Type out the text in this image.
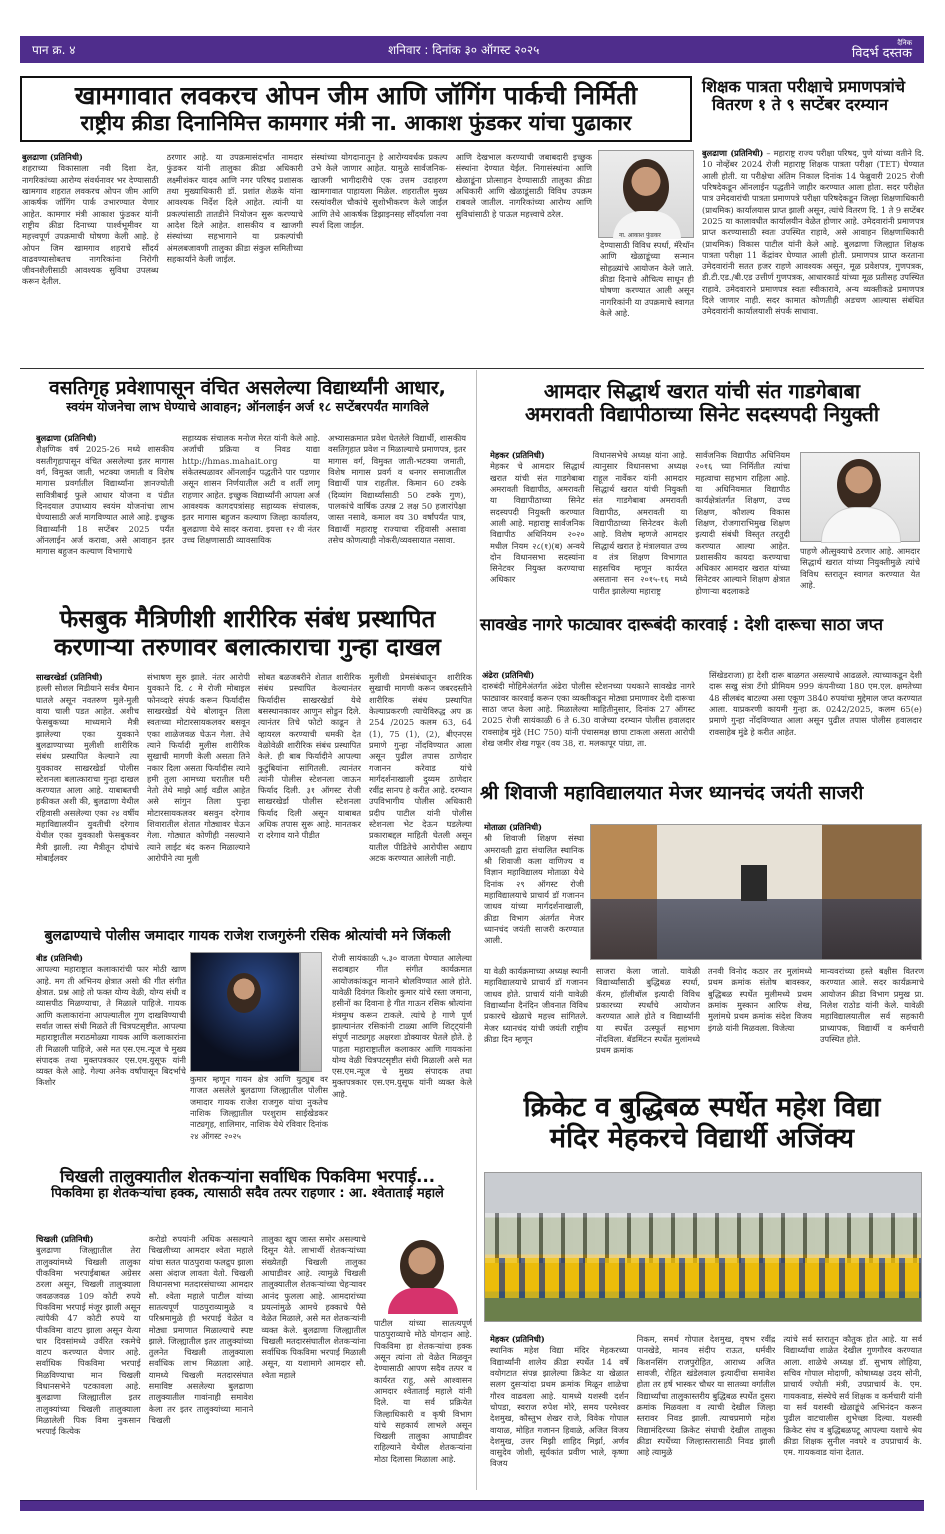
पान क्र. ४	शनिवार : दिनांक ३० ऑगस्ट २०२५
दैनिक
विदर्भ दस्तक
खामगावात लवकरच ओपन जीम आणि जॉगिंग पार्कची निर्मिती
राष्ट्रीय क्रीडा दिनानिमित्त कामगार मंत्री ना. आकाश फुंडकर यांचा पुढाकार
बुलढाणा (प्रतिनिधी)
शहराच्या विकासाला नवी दिशा देत, नागरिकांच्या आरोग्य संवर्धनावर भर देण्यासाठी खामगाव शहरात लवकरच ओपन जीम आणि आकर्षक जॉगिंग पार्क उभारण्यात येणार आहेत. कामगार मंत्री आकाश फुंडकर यांनी राष्ट्रीय क्रीडा दिनाच्या पार्श्वभूमीवर या महत्त्वपूर्ण उपक्रमाची घोषणा केली आहे. हे ओपन जिम खामगाव शहराचे सौंदर्य वाढवण्यासोबतच नागरिकांना निरोगी जीवनशैलीसाठी आवश्यक सुविधा उपलब्ध करून देतील.
ठरणार आहे. या उपक्रमासंदर्भात नामदार फुंडकर यांनी तालुका क्रीडा अधिकारी लक्ष्मीशंकर यादव आणि नगर परिषद प्रशासक तथा मुख्याधिकारी डॉ. प्रशांत शेळके यांना आवश्यक निर्देश दिले आहेत. त्यांनी या प्रकल्पांसाठी तातडीने नियोजन सुरू करण्याचे आदेश दिले आहेत. शासकीय व खाजगी संस्थांच्या सहभागाने या प्रकल्पांची अंमलबजावणी तालुका क्रीडा संकुल समितीच्या सहकार्याने केली जाईल.
संस्थांच्या योगदानातून हे आरोग्यवर्धक प्रकल्प उभे केले जाणार आहेत. यामुळे सार्वजनिक-खाजगी भागीदारीचे एक उत्तम उदाहरण खामगावात पाहायला मिळेल. शहरातील मुख्य रस्त्यांवरील चौकांचे सुशोभीकरण केले जाईल आणि तेथे आकर्षक डिझाइनसह सौंदर्याला नवा स्पर्श दिला जाईल.
आणि देखभाल करण्याची जबाबदारी इच्छुक संस्थांना देण्यात येईल. निगासंस्थांना आणि खेळाडूंना प्रोत्साहन देण्यासाठी तालुका क्रीडा अधिकारी आणि खेळाडूंसाठी विविध उपक्रम राबवले जातील. नागरिकांच्या आरोग्य आणि सुविधांसाठी हे पाऊल महत्त्वाचे ठरेल.
देण्यासाठी विविध स्पर्धा, मॅरेथॉन आणि खेळाडूंच्या सन्मान सोहळ्यांचे आयोजन केले जाते. क्रीडा दिनाचे औचित्य साधून ही घोषणा करण्यात आली असून नागरिकांनी या उपक्रमाचे स्वागत केले आहे.
ना. आकाश फुंडकर
शिक्षक पात्रता परीक्षाचे प्रमाणपत्रांचे
वितरण १ ते ९ सप्टेंबर दरम्यान
बुलढाणा (प्रतिनिधी) – महाराष्ट्र राज्य परीक्षा परिषद, पुणे यांच्या वतीने दि. 10 नोव्हेंबर 2024 रोजी महाराष्ट्र शिक्षक पात्रता परीक्षा (TET) घेण्यात आली होती. या परीक्षेचा अंतिम निकाल दिनांक 14 फेब्रुवारी 2025 रोजी परिषदेकडून ऑनलाईन पद्धतीने जाहीर करण्यात आला होता. सदर परीक्षेत पात्र उमेदवारांची पात्रता प्रमाणपत्रे परीक्षा परिषदेकडून जिल्हा शिक्षणाधिकारी (प्राथमिक) कार्यालयास प्राप्त झाली असून, त्यांचे वितरण दि. 1 ते 9 सप्टेंबर 2025 या कालावधीत कार्यालयीन वेळेत होणार आहे. उमेदवारांनी प्रमाणपत्र प्राप्त करण्यासाठी स्वतः उपस्थित राहावे, असे आवाहन शिक्षणाधिकारी (प्राथमिक) विकास पाटील यांनी केले आहे. बुलढाणा जिल्ह्यात शिक्षक पात्रता परीक्षा 11 केंद्रांवर घेण्यात आली होती. प्रमाणपत्र प्राप्त करताना उमेदवारांनी सतत हजर राहणे आवश्यक असून, मूळ प्रवेशपत्र, गुणपत्रक, डी.टी.एड./बी.एड उत्तीर्ण गुणपत्रक, आधारकार्ड यांच्या मूळ प्रतीसह उपस्थित राहावे. उमेदवाराने प्रमाणपत्र स्वतः स्वीकारावे, अन्य व्यक्तीकडे प्रमाणपत्र दिले जाणार नाही. सदर कामात कोणतीही अडचण आल्यास संबंधित उमेदवारांनी कार्यालयाशी संपर्क साधावा.
वसतिगृह प्रवेशापासून वंचित असलेल्या विद्यार्थ्यांनी आधार,
स्वयंम योजनेचा लाभ घेण्याचे आवाहन; ऑनलाईन अर्ज १८ सप्टेंबरपर्यंत मागविले
बुलढाणा (प्रतिनिधी)
शैक्षणिक वर्ष 2025-26 मध्ये शासकीय वसतीगृहापासून वंचित असलेल्या इतर मागास वर्ग, विमुक्त जाती, भटक्या जमाती व विशेष मागास प्रवर्गातील विद्यार्थ्यांना ज्ञानज्योती सावित्रीबाई फुले आधार योजना व पंडीत दिनदयाल उपाध्याय स्वयंम योजनांचा लाभ घेण्यासाठी अर्ज मागविण्यात आले आहे. इच्छुक विद्यार्थ्यांनी 18 सप्टेंबर 2025 पर्यंत ऑनलाईन अर्ज करावा, असे आवाहन इतर मागास बहुजन कल्याण विभागाचे
सहाय्यक संचालक मनोज मेरत यांनी केले आहे. अर्जाची प्रक्रिया व निवड याद्या http://hmas.mahait.org या संकेतस्थळावर ऑनलाईन पद्धतीने पार पडणार असून शासन निर्णयातील अटी व शर्ती लागू राहणार आहेत. इच्छुक विद्यार्थ्यांनी आपला अर्ज आवश्यक कागदपत्रांसह सहाय्यक संचालक, इतर मागास बहुजन कल्याण जिल्हा कार्यालय, बुलढाणा येथे सादर करावा. इयत्ता १२ वी नंतर उच्च शिक्षणासाठी व्यावसायिक
अभ्यासक्रमात प्रवेश घेतलेले विद्यार्थी, शासकीय वसतिगृहात प्रवेश न मिळाल्याचे प्रमाणपत्र, इतर मागास वर्ग, विमुक्त जाती-भटक्या जमाती, विशेष मागास प्रवर्ग व धनगर समाजातील विद्यार्थी पात्र राहतील. किमान 60 टक्के (दिव्यांग विद्यार्थ्यांसाठी 50 टक्के गुण), पालकांचे वार्षिक उत्पन्न 2 लक्ष 50 हजारांपेक्षा जास्त नसावे, कमाल वय 30 वर्षांपर्यंत पात्र, विद्यार्थी महाराष्ट्र राज्याचा रहिवासी असावा तसेच कोणत्याही नोकरी/व्यवसायात नसावा.
आमदार सिद्धार्थ खरात यांची संत गाडगेबाबा
अमरावती विद्यापीठाच्या सिनेट सदस्यपदी नियुक्ती
मेहकर (प्रतिनिधी)
मेहकर चे आमदार सिद्धार्थ खरात यांची संत गाडगेबाबा अमरावती विद्यापीठ, अमरावती या विद्यापीठाच्या सिनेट सदस्यपदी नियुक्ती करण्यात आली आहे. महाराष्ट्र सार्वजनिक विद्यापीठ अधिनियम २०२० मधील नियम २८(१)(ब) अन्वये दोन विधानसभा सदस्यांना सिनेटवर नियुक्त करण्याचा अधिकार
विधानसभेचे अध्यक्ष यांना आहे. त्यानुसार विधानसभा अध्यक्ष राहूल नार्वेकर यांनी आमदार सिद्धार्थ खरात यांची नियुक्ती संत गाडगेबाबा अमरावती विद्यापीठ, अमरावती या विद्यापीठाच्या सिनेटवर केली आहे. विशेष म्हणजे आमदार सिद्धार्थ खरात हे मंत्रालयात उच्च व तंत्र शिक्षण विभागात सहसचिव म्हणून कार्यरत असताना सन २०१५-१६ मध्ये पारीत झालेल्या महाराष्ट्र
सार्वजनिक विद्यापीठ अधिनियम २०१६ च्या निर्मितीत त्यांचा महत्वाचा सहभाग राहिला आहे. या अधिनियमात विद्यापीठ कार्यक्षेत्रांतर्गत शिक्षण, उच्च शिक्षण, कौशल्य विकास शिक्षण, रोजगाराभिमुख शिक्षण इत्यादी संबंधी विस्तृत तरतुदी करण्यात आल्या आहेत. प्रशासकीय कायदा करण्याचा अधिकार आमदार खरात यांच्या सिनेटवर आल्याने शिक्षण क्षेत्रात होणाऱ्या बदलाकडे
पाहणे औत्सुक्याचे ठरणार आहे. आमदार सिद्धार्थ खरात यांच्या नियुक्तीमुळे त्यांचे विविध स्तरातून स्वागत करण्यात येत आहे.
फेसबुक मैत्रिणीशी शारीरिक संबंध प्रस्थापित
करणाऱ्या तरुणावर बलात्काराचा गुन्हा दाखल
साखरखेर्डा (प्रतिनिधी)
हल्ली सोशल मिडीयाने सर्वत्र थैमान घातले असून नवतरुण मुले-मुली वाया चाली पडत आहेत. अशीच फेसबुकच्या माध्यमाने मैत्री झालेल्या एका युवकाने बुलढाण्याच्या मुलीशी शारीरिक संबंध प्रस्थापित केल्याने त्या युवकावर साखरखेर्डा पोलीस स्टेशनला बलात्काराचा गुन्हा दाखल करण्यात आला आहे. याबाबतची हकीकत अशी की, बुलढाणा येथील रहिवासी असलेल्या एका २४ वर्षीय महाविद्यालयीन युवतीची दरेगाव येथील एका युवकाशी फेसबुकवर मैत्री झाली. त्या मैत्रीतून दोघांचे मोबाईलवर
संभाषण सुरु झाले. नंतर आरोपी युवकाने दि. ८ मे रोजी मोबाइल फोनव्दारे संपर्क करून फिर्यादीस साखरखेर्डा येथे बोलावून तिला स्वतःच्या मोटारसायकलवर बसवून एका शाळेजवळ घेऊन गेला. तेथे त्याने फिर्यादी मुलीस शारीरिक सुखाची मागणी केली असता तिने नकार दिला असता फिर्यादीस त्याने हमी तुला आमच्या घरातील घरी नेतो तेथे माझे आई वडील आहेत असे सांगुन तिला पुन्हा मोटारसायकलवर बसवुन दरेगाव शिवारातील शेतात गोठ्यावर घेऊन गेला. गोठ्यात कोणीही नसल्याने त्याने लाईट बंद करुन मिळाल्याने आरोपीने त्या मुली
सोबत बळजबरीने शेतात शारीरिक संबंध प्रस्थापित केल्यानंतर फिर्यादीस साखरखेर्डा येथे बसस्थानकावर आणुन सोडुन दिले. त्यानंतर तिचे फोटो काढून ते व्हायरल करण्याची धमकी देत वेळोवेळी शारीरिक संबंध प्रस्थापित केले. ही बाब फिर्यादीने आपल्या कुटुंबियांना सांगितली. त्यानंतर त्यांनी पोलीस स्टेशनला जाऊन फिर्याद दिली. ३१ ऑगस्ट रोजी साखरखेर्डा पोलीस स्टेशनला फिर्याद दिली असून याबाबत अधिक तपास सुरू आहे. मानतकर रा दरेगाव याने पीडीत
मुलीशी प्रेमसंबंधातून शारीरिक सुखाची मागणी करून जबरदस्तीने शारीरिक संबंध प्रस्थापित केल्याप्रकरणी त्याचेविरुद्ध अप क्र 254 /2025 कलम 63, 64 (1), 75 (1), (2), बीएनएस प्रमाणे गुन्हा नोंदविण्यात आला असून पुढील तपास ठाणेदार गजानन करेवाड यांचे मार्गदर्शनाखाली दुय्यम ठाणेदार रवींद्र सानप हे करीत आहे. दरम्यान उपविभागीय पोलीस अधिकारी प्रदीप पाटील यांनी पोलीस स्टेशनला भेट देऊन घडलेल्या प्रकाराबद्दल माहिती घेतली असून यातील पीडितेचे आरोपीस अद्याप अटक करण्यात आलेली नाही.
सावखेड नागरे फाट्यावर दारूबंदी कारवाई : देशी दारूचा साठा जप्त
अंढेरा (प्रतिनिधी)
दारुबंदी मोहिमेअंतर्गत अंढेरा पोलीस स्टेशनच्या पथकाने सावखेड नागरे फाट्यावर कारवाई करून एका व्यक्तीकडून मोठ्या प्रमाणावर देशी दारूचा साठा जप्त केला आहे. मिळालेल्या माहितीनुसार, दिनांक 27 ऑगस्ट 2025 रोजी सायंकाळी 6 ते 6.30 वाजेच्या दरम्यान पोलीस हवालदार रावसाहेब मुंढे (HC 750) यांनी पंचासमक्ष छापा टाकला असता आरोपी शेख जमीर शेख गफूर (वय 38, रा. मलकापूर पांग्रा, ता.
सिंखेडराजा) हा देशी दारू बाळगत असल्याचे आढळले. त्याच्याकडून देशी दारू सखु संत्रा टँगो प्रीमियम 999 कंपनीच्या 180 एम.एल. क्षमतेच्या 48 सीलबंद बाटल्या असा एकूण 3840 रुपयांचा मुद्देमाल जप्त करण्यात आला. याप्रकरणी कायमी गुन्हा क्र. 0242/2025, कलम 65(e) प्रमाणे गुन्हा नोंदविण्यात आला असून पुढील तपास पोलीस हवालदार रावसाहेब मुंढे हे करीत आहेत.
श्री शिवाजी महाविद्यालयात मेजर ध्यानचंद जयंती साजरी
मोताळा (प्रतिनिधी)
श्री शिवाजी शिक्षण संस्था अमरावती द्वारा संचालित स्थानिक श्री शिवाजी कला वाणिज्य व विज्ञान महाविद्यालय मोताळा येथे दिनांक २९ ऑगस्ट रोजी महाविद्यालयाचे प्राचार्य डॉ गजानन जाधव यांच्या मार्गदर्शनाखाली, क्रीडा विभाग अंतर्गत मेजर ध्यानचंद जयंती साजरी करण्यात आली.
या वेळी कार्यक्रमाच्या अध्यक्ष स्थानी महाविद्यालयाचे प्राचार्य डॉ गजानन जाधव होते. प्राचार्य यांनी यावेळी विद्यार्थ्यांना दैनंदिन जीवनात विविध प्रकारचे खेळाचे महत्त्व सांगितले. मेजर ध्यानचंद यांची जयंती राष्ट्रीय क्रीडा दिन म्हणून
साजरा केला जातो. यावेळी विद्यार्थ्यांसाठी बुद्धिबळ स्पर्धा, कॅरम, हॉलीबॉल इत्यादी विविध प्रकारच्या स्पर्धांचे आयोजन करण्यात आले होते व विद्यार्थ्यांनी या स्पर्धेत उत्स्फूर्त सहभाग नोंदविला. बॅडमिंटन स्पर्धेत मुलांमध्ये प्रथम क्रमांक
तनवी विनोद कठार तर मुलांमध्ये प्रथम क्रमांक संतोष बावस्कर, बुद्धिबळ स्पर्धेत मुलीमध्ये प्रथम क्रमांक मुस्कान आरिफ शेख, मुलांमधे प्रथम क्रमांक संदेश विजय इंगळे यांनी मिळवला. विजेत्या
मान्यवरांच्या हस्ते बक्षीस वितरण करण्यात आले. सदर कार्यक्रमाचे आयोजन क्रीडा विभाग प्रमुख प्रा. निलेश राठोड यांनी केले. यावेळी महाविद्यालयातील सर्व सहकारी प्राध्यापक, विद्यार्थी व कर्मचारी उपस्थित होते.
बुलढाण्याचे पोलीस जमादार गायक राजेश राजगुरुंनी रसिक श्रोत्यांची मने जिंकली
बीड (प्रतिनिधी)
आपल्या महाराष्ट्रात कलाकारांची फार मोठी खाण आहे. मग ती अभिनय क्षेत्रात असो की गीत संगीत क्षेत्रात. प्रश्न आहे तो फक्त योग्य वेळी, योग्य संधी व व्यासपीठ मिळण्याचा, ते मिळाले पाहिजे. गायक आणि कलाकारांना आपल्यातील गुण दाखविण्याची सर्वात जास्त संधी मिळते ती चित्रपटसृष्टीत. आपल्या महाराष्ट्रातील मराठमोळ्या गायक आणि कलाकारांना ती मिळाली पाहिजे, असे मत एस.एम.न्यूज चे मुख्य संपादक तथा मुक्तपत्रकार एस.एम.युसूफ यांनी व्यक्त केले आहे. गेल्या अनेक वर्षांपासून बिदर्भाचे किशोर	कुमार म्हणून गायन क्षेत्र आणि युट्युब वर गाजत असलेले बुलढाणा जिल्ह्यातील पोलीस जमादार गायक राजेश राजगुरु यांचा नुकतेच नाशिक जिल्ह्यातील परशुराम साईखेडकर नाट्यगृह, शालिमार, नाशिक येथे रविवार दिनांक २४ ऑगस्ट २०२५
रोजी सायंकाळी ५.३० वाजता घेण्यात आलेल्या सदाबहार गीत संगीत कार्यक्रमात आयोजकांकडून मानाने बोलविण्यात आले होते. यावेळी दिवंगत किशोर कुमार यांचे रस्ता जमाना, हसीनों का दिवाना हे गीत गाऊन रसिक श्रोत्यांना मंत्रमुग्ध करून टाकले. त्यांचे हे गाणे पूर्ण झाल्यानंतर रसिकांनी टाळ्या आणि शिट्ट्यांनी संपूर्ण नाट्यगृह अक्षरशः डोक्यावर घेतले होते. हे पाहता महाराष्ट्रातील कलाकार आणि गायकांना योग्य वेळी चित्रपटसृष्टीत संधी मिळाली असे मत एस.एम.न्यूज चे मुख्य संपादक तथा मुक्तपत्रकार एस.एम.युसूफ यांनी व्यक्त केले आहे.	क्रिकेट व बुद्धिबळ स्पर्धेत महेश विद्या
मंदिर मेहकरचे विद्यार्थी अजिंक्य
मेहकर (प्रतिनिधी)
स्थानिक महेश विद्या मंदिर मेहकरच्या विद्यार्थ्यांनी शालेय क्रीडा स्पर्धेत 14 वर्षे वयोगटात संपन्न झालेल्या क्रिकेट या खेळात सलग दुसऱ्यांदा प्रथम क्रमांक मिळून शाळेचा गौरव वाढवला आहे. यामध्ये यशस्वी दर्शन चोपडा, स्वराज रुपेश मोरे, समय परमेश्वर देशमुख, कौस्तुभ शेखर राजे, विवेक गोपाल वायाळ, मोहित गजानन हिवाळे, अजित विजय देशमुख, उत्तर मिझी शाहिद मिर्झा, अर्णव वासुदेव जोशी, सूर्यकांत प्रवीण भाले, कृष्णा विजय
निकम, समर्थ गोपाल देशमुख, वृषभ रवींद्र पानखेडे, मानव संदीप राऊत, धर्मवीर किशनसिंग राजपुरोहित, आराध्य अजित सावजी, रोहित खंडेलवाल इत्यादींचा समावेश होता तर हर्ष भास्कर चौधर या सातव्या वर्गातील विद्यार्थ्यांचा तालुकास्तरीय बुद्धिबळ स्पर्धेत दुसरा क्रमांक मिळवला व त्याची देखील जिल्हा स्तरावर निवड झाली. त्याचप्रमाणे महेश विद्यामंदिरच्या क्रिकेट संघाची देखील तालुका क्रीडा स्पर्धेच्या जिल्हास्तरासाठी निवड झाली आहे त्यामुळे
त्यांचे सर्व स्तरातून कौतुक होत आहे. या सर्व विद्यार्थ्यांचा शाळेत देखील गुणगौरव करण्यात आला. शाळेचे अध्यक्ष डॉ. सुभाष लोहिया, सचिव गोपाल मोदाणी, कोषाध्यक्ष उदय सोनी, प्राचार्य ज्योती मंत्री, उपप्राचार्य के. एम. गायकवाड, संस्थेचे सर्व शिक्षक व कर्मचारी यांनी या सर्व यशस्वी खेळाडूंचे अभिनंदन करून पुढील वाटचालीस शुभेच्छा दिल्या. यशस्वी क्रिकेट संघ व बुद्धिबळपटू आपल्या यशाचे श्रेय क्रीडा शिक्षक सुनील नवघरे व उपप्राचार्य के. एम. गायकवाड यांना देतात.
चिखली तालुक्यातील शेतकऱ्यांना सर्वाधिक पिकविमा भरपाई...
पिकविमा हा शेतकऱ्यांचा हक्क, त्यासाठी सदैव तत्पर राहणार : आ. श्वेताताई महाले
चिखली (प्रतिनिधी)
बुलढाणा जिल्ह्यातील तेरा तालुक्यांमध्ये चिखली तालुका पीकविमा भरपाईबाबत अग्रेसर ठरला असून, चिखली तालुक्याला जवळजवळ 109 कोटी रुपये पिकविमा भरपाई मंजूर झाली असून त्यांपैकी 47 कोटी रुपये या पीकविमा वाटप झाला असून येत्या चार दिवसांमध्ये उर्वरित रकमेचे वाटप करण्यात येणार आहे. सर्वाधिक पिकविमा भरपाई मिळविण्याचा मान चिखली विधानसभेने पटकावला आहे. बुलढाणा जिल्ह्यातील इतर तालुक्यांच्या चिखली तालुक्याला मिळालेली पिक विमा नुकसान भरपाई कित्येक
करोडो रुपयांनी अधिक असल्याने चिखलीच्या आमदार श्वेता महाले यांचा सतत पाठपुरावा फलद्रुप झाला असा अंदाज लावता येतो. चिखली विधानसभा मतदारसंघाच्या आमदार सौ. श्वेता महाले पाटील यांच्या सातत्यपूर्ण पाठपुराव्यामुळे व परिश्रमामुळे ही भरपाई वेळेत व मोठ्या प्रमाणात मिळाल्याचे स्पष्ट झाले. जिल्ह्यातील इतर तालुक्यांच्या तुलनेत चिखली तालुक्याला सर्वाधिक लाभ मिळाला आहे. यामध्ये चिखली मतदारसंघात समाविष्ट असलेल्या बुलढाणा तालुक्यातील गावांनाही समावेश केला तर इतर तालुक्यांच्या मानाने चिखली
तालुका खूप जास्त समोर असल्याचे दिसून येते. लाभार्थी शेतकऱ्यांच्या संख्येतही चिखली तालुका आघाडीवर आहे. त्यामुळे चिखली तालुक्यातील शेतकऱ्यांच्या चेहऱ्यावर आनंद फुलला आहे. आमदारांच्या प्रयत्नांमुळे आमचे हक्काचे पैसे वेळेत मिळाले, असे मत शेतकऱ्यांनी व्यक्त केले. बुलढाणा जिल्ह्यातील चिखली मतदारसंघातील शेतकऱ्यांना सर्वाधिक पिकविमा भरपाई मिळाली असून, या यशामागे आमदार सौ. श्वेता महाले
पाटील यांच्या सातत्यपूर्ण पाठपुराव्याचे मोठे योगदान आहे. पिकविमा हा शेतकऱ्यांचा हक्क असून त्यांना तो वेळेत मिळवून देण्यासाठी आपण सदैव तत्पर व कार्यरत राहू, असे आश्वासन आमदार श्वेताताई महाले यांनी दिले. या सर्व प्रक्रियेत जिल्हाधिकारी व कृषी विभाग यांचे सहकार्य लाभले असून चिखली तालुका आघाडीवर राहिल्याने येथील शेतकऱ्यांना मोठा दिलासा मिळाला आहे.
